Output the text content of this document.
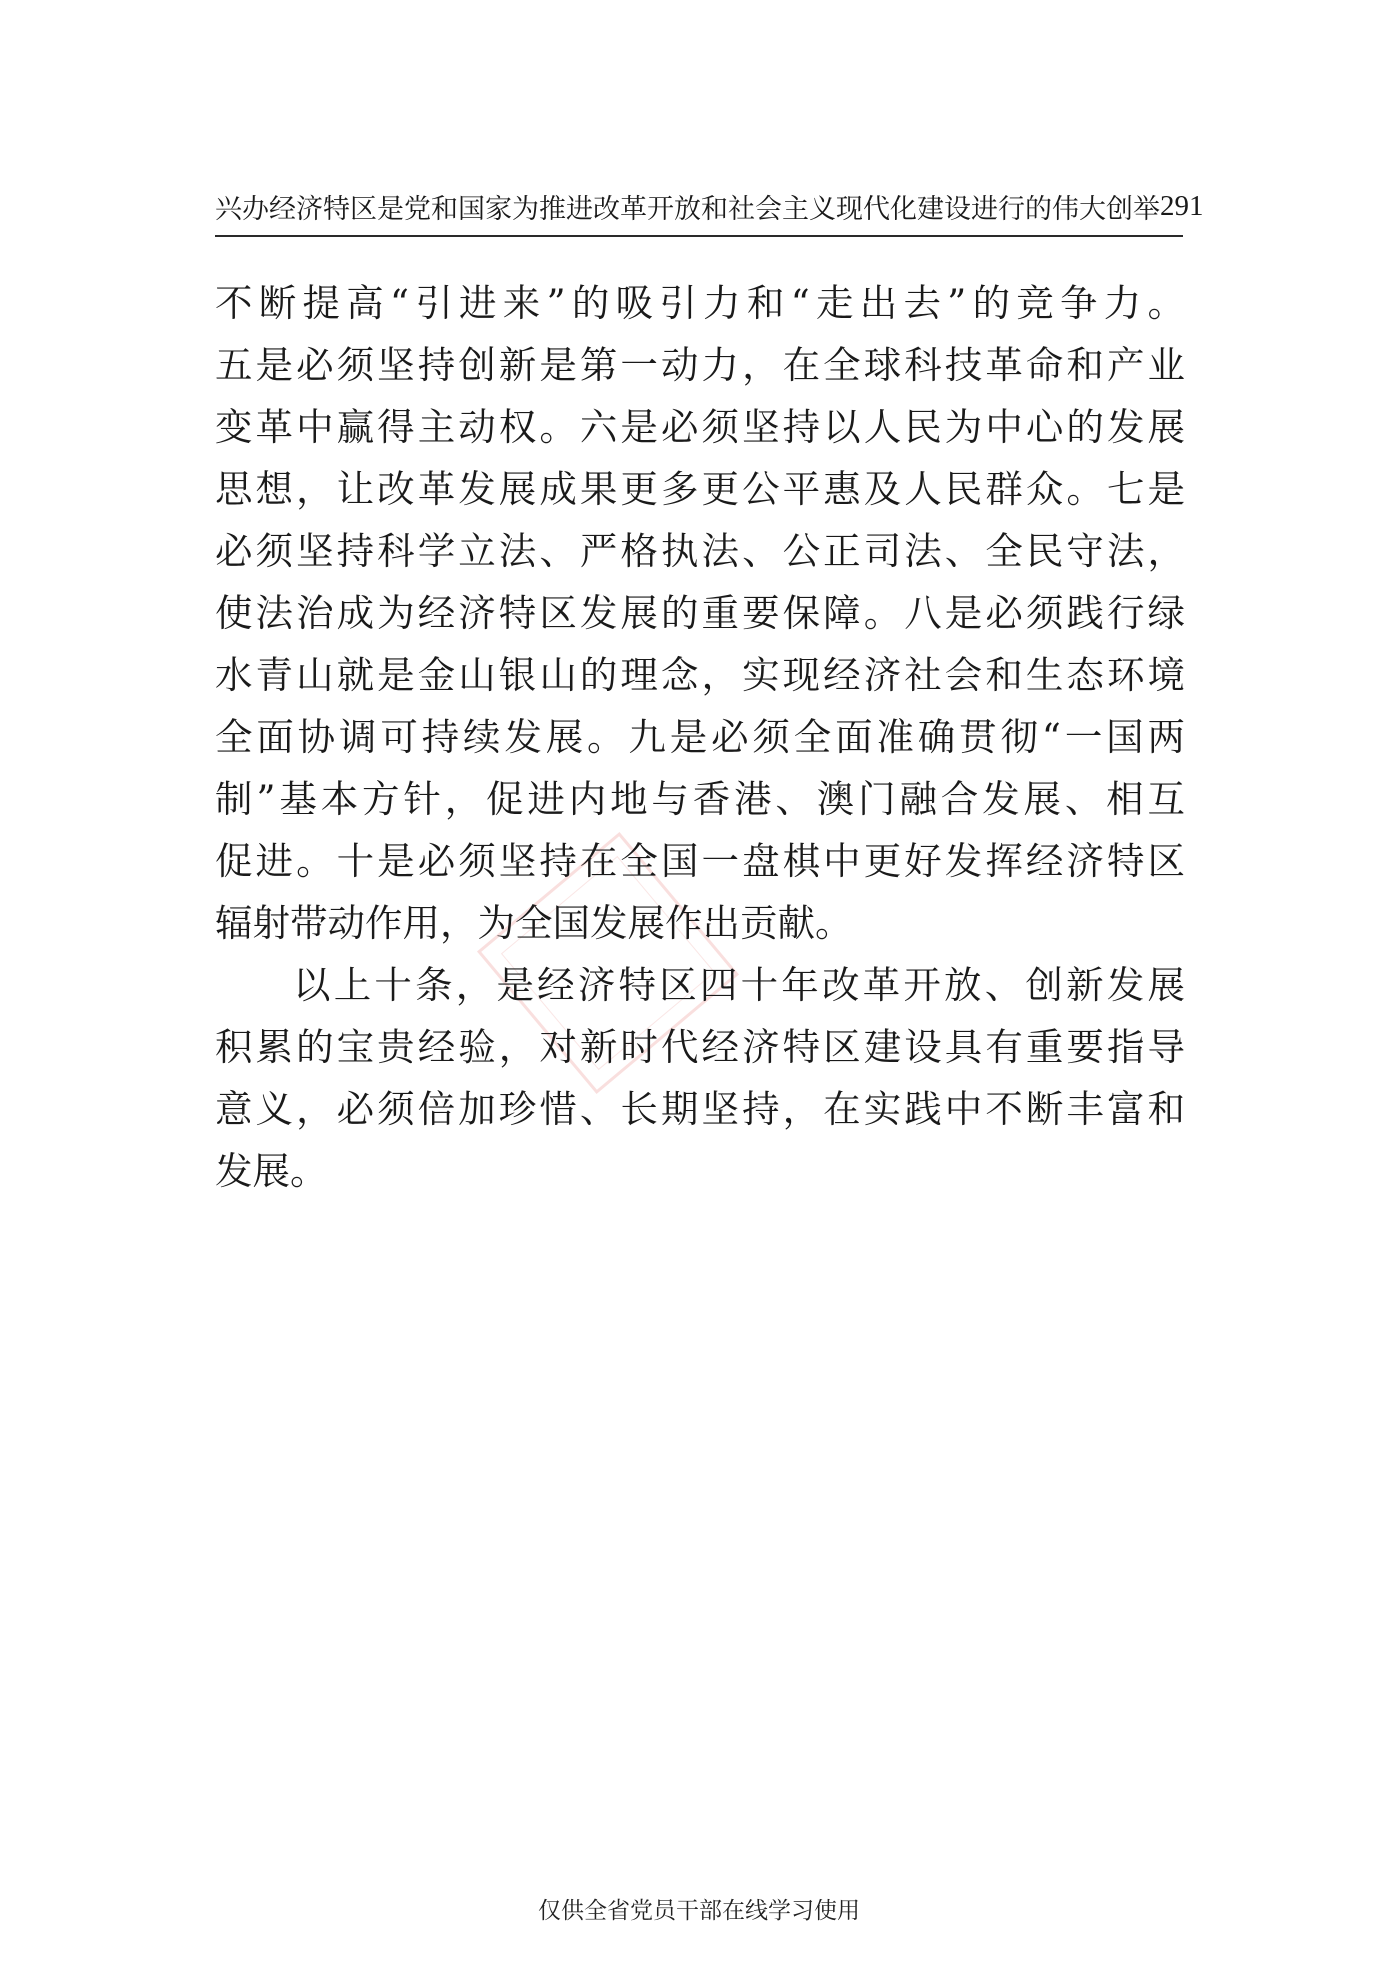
兴办经济特区是党和国家为推进改革开放和社会主义现代化建设进行的伟大创举 291
不断提高“引进来”的吸引力和“走出去”的竞争力。
五是必须坚持创新是第一动力，在全球科技革命和产业
变革中赢得主动权。六是必须坚持以人民为中心的发展
思想，让改革发展成果更多更公平惠及人民群众。七是
必须坚持科学立法、严格执法、公正司法、全民守法，
使法治成为经济特区发展的重要保障。八是必须践行绿
水青山就是金山银山的理念，实现经济社会和生态环境
全面协调可持续发展。九是必须全面准确贯彻“一国两
制”基本方针，促进内地与香港、澳门融合发展、相互
促进。十是必须坚持在全国一盘棋中更好发挥经济特区
辐射带动作用，为全国发展作出贡献。
以上十条，是经济特区四十年改革开放、创新发展
积累的宝贵经验，对新时代经济特区建设具有重要指导
意义，必须倍加珍惜、长期坚持，在实践中不断丰富和
发展。
仅供全省党员干部在线学习使用
